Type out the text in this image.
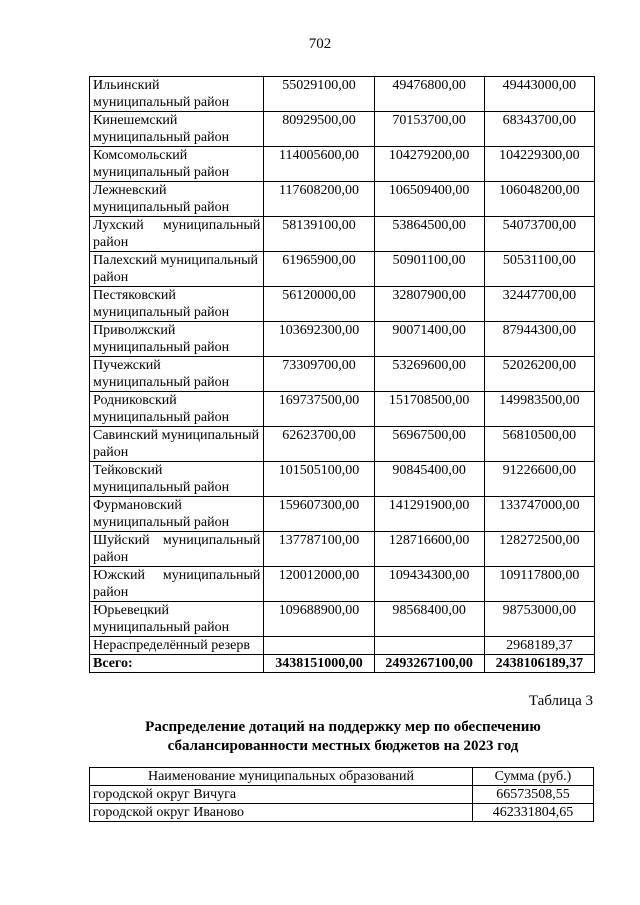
702
Ильинский муниципальный район	55029100,00	49476800,00	49443000,00
Кинешемский муниципальный район	80929500,00	70153700,00	68343700,00
Комсомольский муниципальный район	114005600,00	104279200,00	104229300,00
Лежневский муниципальный район	117608200,00	106509400,00	106048200,00
Лухский муниципальный район	58139100,00	53864500,00	54073700,00
Палехский муниципальный район	61965900,00	50901100,00	50531100,00
Пестяковский муниципальный район	56120000,00	32807900,00	32447700,00
Приволжский муниципальный район	103692300,00	90071400,00	87944300,00
Пучежский муниципальный район	73309700,00	53269600,00	52026200,00
Родниковский муниципальный район	169737500,00	151708500,00	149983500,00
Савинский муниципальный район	62623700,00	56967500,00	56810500,00
Тейковский муниципальный район	101505100,00	90845400,00	91226600,00
Фурмановский муниципальный район	159607300,00	141291900,00	133747000,00
Шуйский муниципальный район	137787100,00	128716600,00	128272500,00
Южский муниципальный район	120012000,00	109434300,00	109117800,00
Юрьевецкий муниципальный район	109688900,00	98568400,00	98753000,00
Нераспределённый резерв			2968189,37
Всего:	3438151000,00	2493267100,00	2438106189,37
Таблица 3
Распределение дотаций на поддержку мер по обеспечению
сбалансированности местных бюджетов на 2023 год
Наименование муниципальных образований	Сумма (руб.)
городской округ Вичуга	66573508,55
городской округ Иваново	462331804,65
